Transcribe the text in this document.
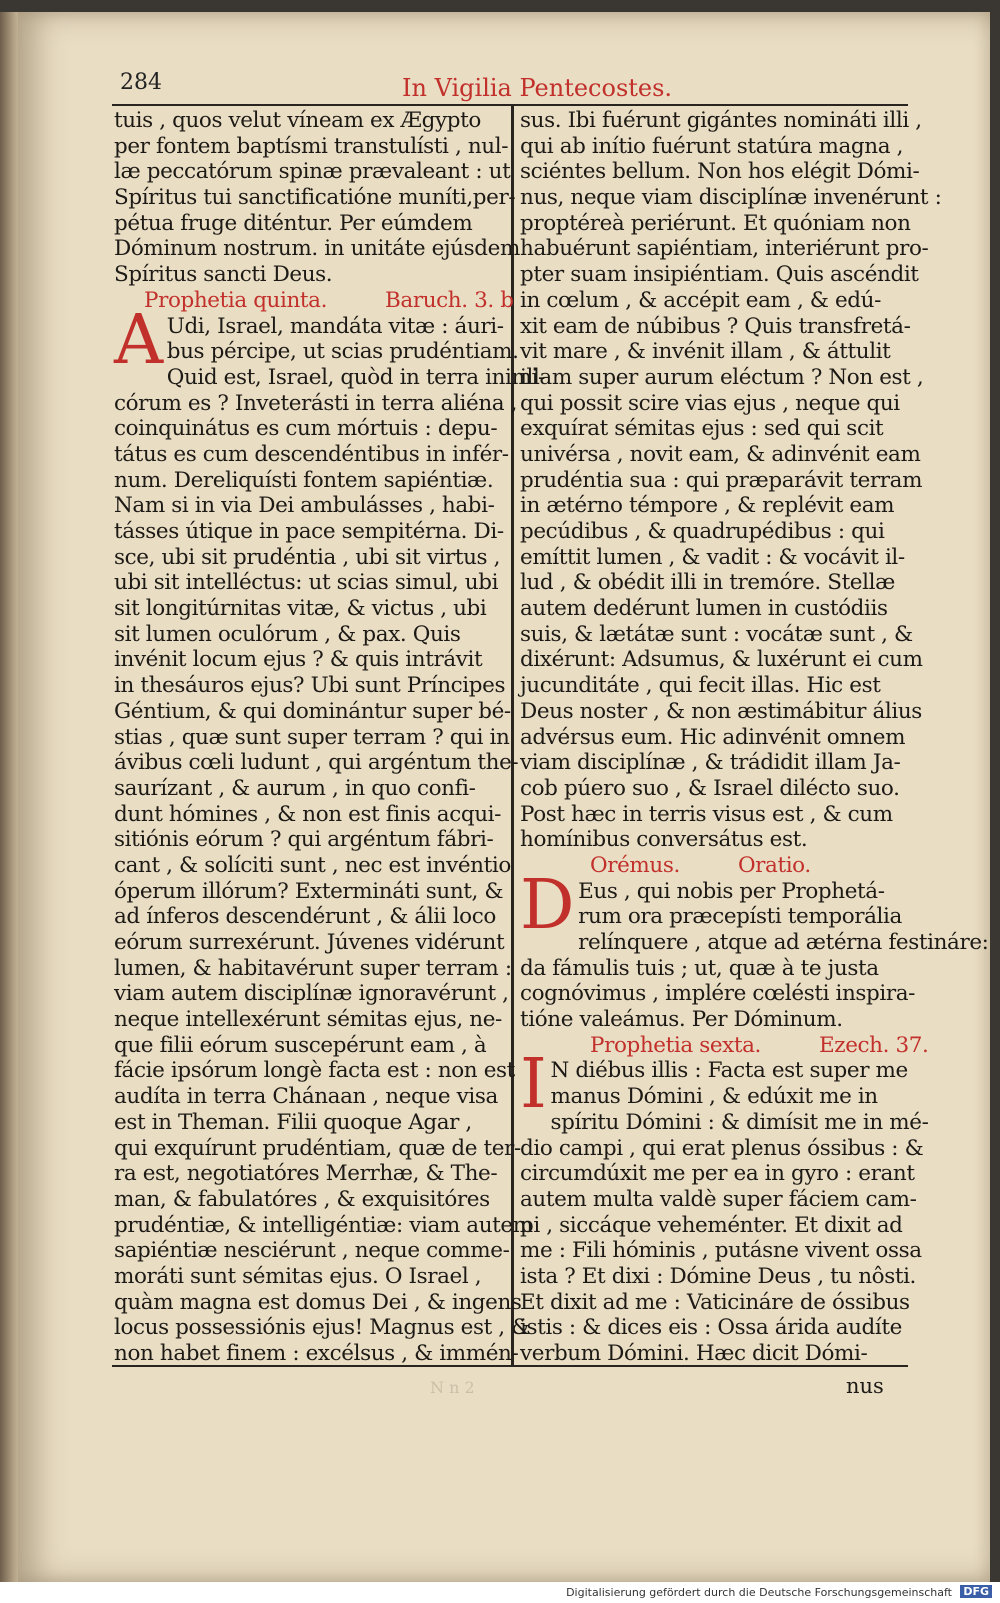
284	In Vigilia Pentecostes.
tuis , quos velut víneam ex Ægypto
per fontem baptísmi transtulísti , nul-
læ peccatórum spinæ prævaleant : ut
Spíritus tui sanctificatióne muníti,per-
pétua fruge diténtur. Per eúmdem
Dóminum nostrum. in unitáte ejúsdem
Spíritus sancti Deus.
Prophetia quinta.	Baruch. 3. b
A Udi, Israel, mandáta vitæ : áuri-
bus pércipe, ut scias prudéntiam.
Quid est, Israel, quòd in terra inimi-
córum es ? Inveterásti in terra aliéna ,
coinquinátus es cum mórtuis : depu-
tátus es cum descendéntibus in infér-
num. Dereliquísti fontem sapiéntiæ.
Nam si in via Dei ambulásses , habi-
tásses útique in pace sempitérna. Di-
sce, ubi sit prudéntia , ubi sit virtus ,
ubi sit intelléctus: ut scias simul, ubi
sit longitúrnitas vitæ, & victus , ubi
sit lumen oculórum , & pax. Quis
invénit locum ejus ? & quis intrávit
in thesáuros ejus? Ubi sunt Príncipes
Géntium, & qui dominántur super bé-
stias , quæ sunt super terram ? qui in
ávibus cœli ludunt , qui argéntum the-
saurízant , & aurum , in quo confi-
dunt hómines , & non est finis acqui-
sitiónis eórum ? qui argéntum fábri-
cant , & solíciti sunt , nec est invéntio
óperum illórum? Extermináti sunt, &
ad ínferos descendérunt , & álii loco
eórum surrexérunt. Júvenes vidérunt
lumen, & habitavérunt super terram :
viam autem disciplínæ ignoravérunt ,
neque intellexérunt sémitas ejus, ne-
que filii eórum suscepérunt eam , à
fácie ipsórum longè facta est : non est
audíta in terra Chánaan , neque visa
est in Theman. Filii quoque Agar ,
qui exquírunt prudéntiam, quæ de ter-
ra est, negotiatóres Merrhæ, & The-
man, & fabulatóres , & exquisitóres
prudéntiæ, & intelligéntiæ: viam autem
sapiéntiæ nesciérunt , neque comme-
moráti sunt sémitas ejus. O Israel ,
quàm magna est domus Dei , & ingens
locus possessiónis ejus! Magnus est , &
non habet finem : excélsus , & immén-
sus. Ibi fuérunt gigántes nomináti illi ,
qui ab inítio fuérunt statúra magna ,
sciéntes bellum. Non hos elégit Dómi-
nus, neque viam disciplínæ invenérunt :
proptéreà periérunt. Et quóniam non
habuérunt sapiéntiam, interiérunt pro-
pter suam insipiéntiam. Quis ascéndit
in cœlum , & accépit eam , & edú-
xit eam de núbibus ? Quis transfretá-
vit mare , & invénit illam , & áttulit
illam super aurum eléctum ? Non est ,
qui possit scire vias ejus , neque qui
exquírat sémitas ejus : sed qui scit
univérsa , novit eam, & adinvénit eam
prudéntia sua : qui præparávit terram
in ætérno témpore , & replévit eam
pecúdibus , & quadrupédibus : qui
emíttit lumen , & vadit : & vocávit il-
lud , & obédit illi in tremóre. Stellæ
autem dedérunt lumen in custódiis
suis, & lætátæ sunt : vocátæ sunt , &
dixérunt: Adsumus, & luxérunt ei cum
jucunditáte , qui fecit illas. Hic est
Deus noster , & non æstimábitur álius
advérsus eum. Hic adinvénit omnem
viam disciplínæ , & trádidit illam Ja-
cob púero suo , & Israel dilécto suo.
Post hæc in terris visus est , & cum
homínibus conversátus est.
Orémus.	Oratio.
D Eus , qui nobis per Prophetá-
rum ora præcepísti temporália
relínquere , atque ad ætérna festináre:
da fámulis tuis ; ut, quæ à te justa
cognóvimus , implére cœlésti inspira-
tióne valeámus. Per Dóminum.
Prophetia sexta.	Ezech. 37.
I N diébus illis : Facta est super me
manus Dómini , & edúxit me in
spíritu Dómini : & dimísit me in mé-
dio campi , qui erat plenus óssibus : &
circumdúxit me per ea in gyro : erant
autem multa valdè super fáciem cam-
pi , siccáque veheménter. Et dixit ad
me : Fili hóminis , putásne vivent ossa
ista ? Et dixi : Dómine Deus , tu nôsti.
Et dixit ad me : Vaticináre de óssibus
istis : & dices eis : Ossa árida audíte
verbum Dómini. Hæc dicit Dómi-
N n 2	nus
Digitalisierung gefördert durch die Deutsche Forschungsgemeinschaft DFG
